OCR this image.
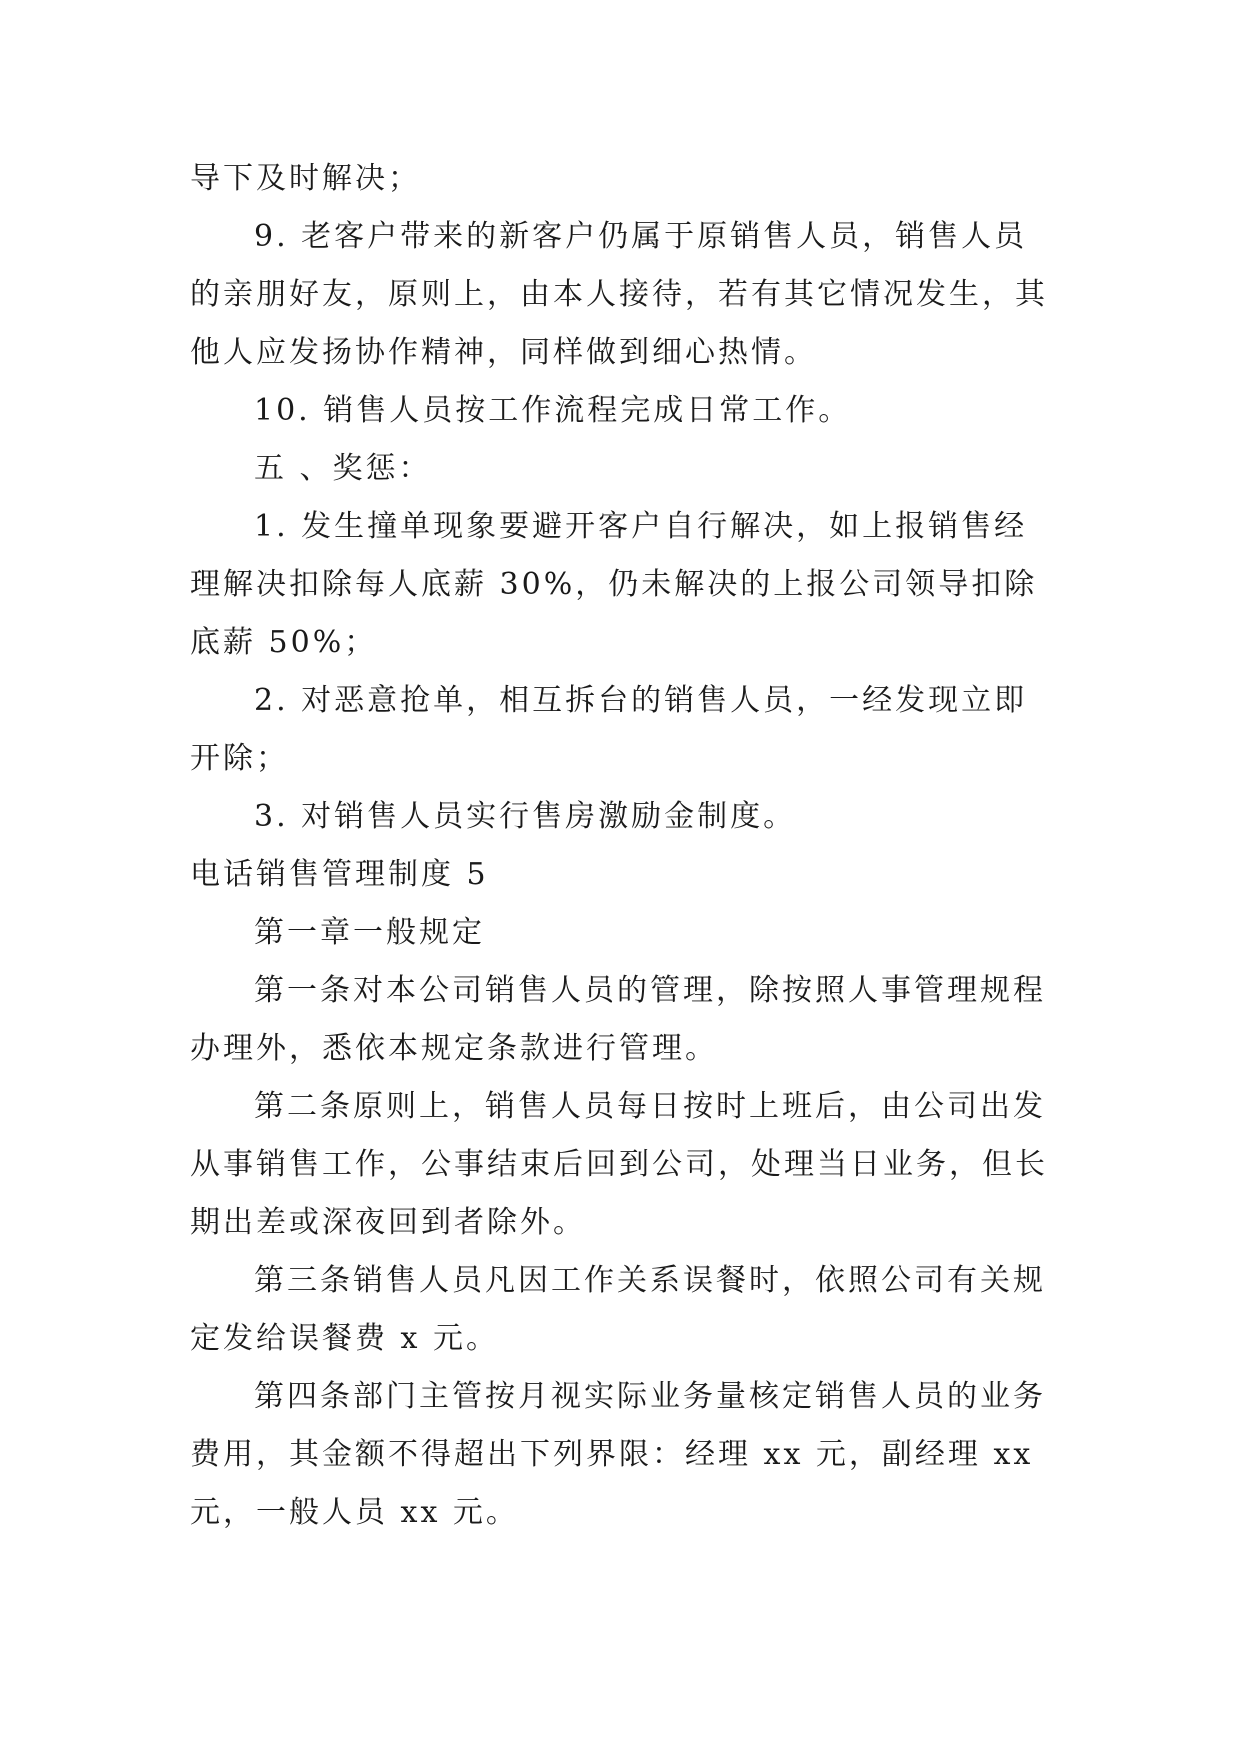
导下及时解决；

9. 老客户带来的新客户仍属于原销售人员，销售人员的亲朋好友，原则上，由本人接待，若有其它情况发生，其他人应发扬协作精神，同样做到细心热情。

10. 销售人员按工作流程完成日常工作。

五 、奖惩：

1. 发生撞单现象要避开客户自行解决，如上报销售经理解决扣除每人底薪 30%，仍未解决的上报公司领导扣除底薪 50%；

2. 对恶意抢单，相互拆台的销售人员，一经发现立即开除；

3. 对销售人员实行售房激励金制度。

电话销售管理制度 5

第一章一般规定

第一条对本公司销售人员的管理，除按照人事管理规程办理外，悉依本规定条款进行管理。

第二条原则上，销售人员每日按时上班后，由公司出发从事销售工作，公事结束后回到公司，处理当日业务，但长期出差或深夜回到者除外。

第三条销售人员凡因工作关系误餐时，依照公司有关规定发给误餐费 x 元。

第四条部门主管按月视实际业务量核定销售人员的业务费用，其金额不得超出下列界限：经理 xx 元，副经理 xx 元，一般人员 xx 元。
